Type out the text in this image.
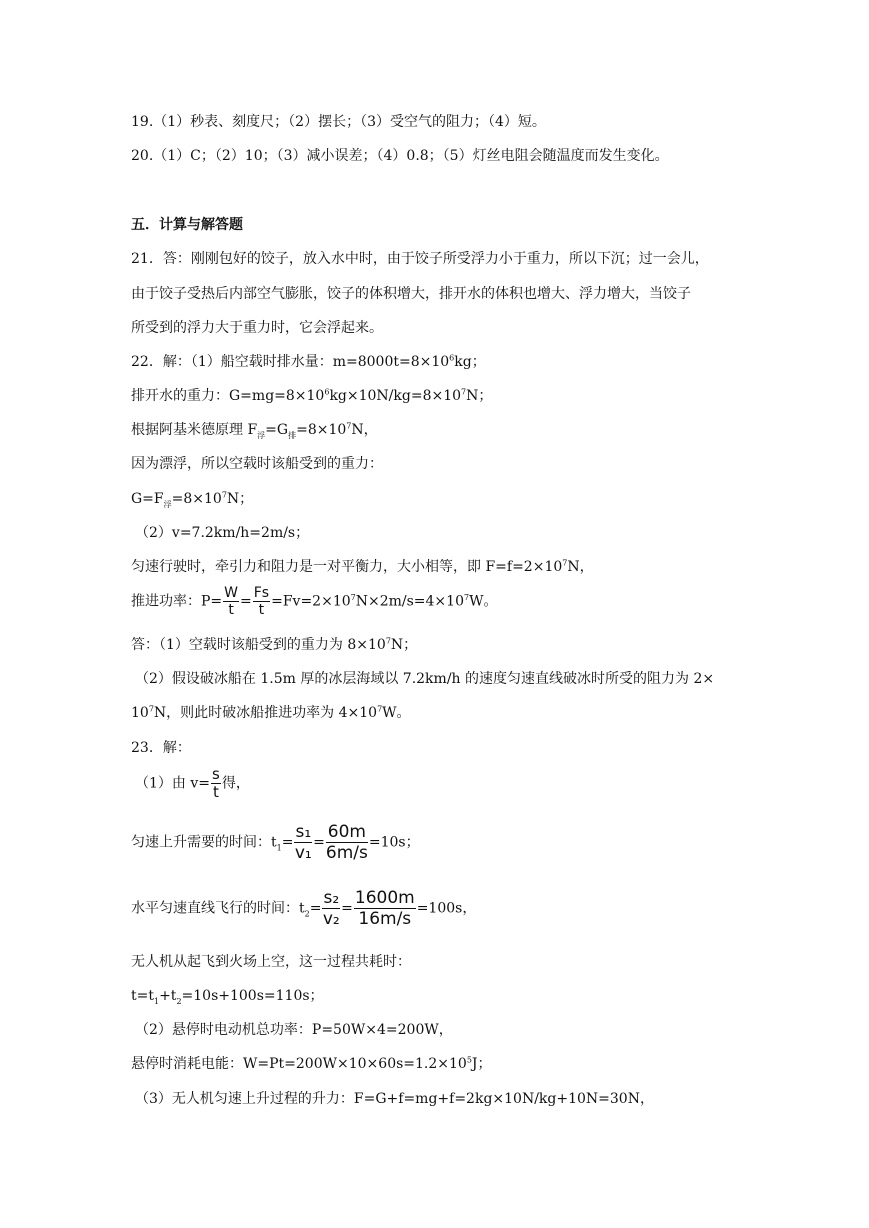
19.（1）秒表、刻度尺；（2）摆长；（3）受空气的阻力；（4）短。
20.（1）C；（2）10；（3）减小误差；（4）0.8；（5）灯丝电阻会随温度而发生变化。
五．计算与解答题
21．答：刚刚包好的饺子，放入水中时，由于饺子所受浮力小于重力，所以下沉；过一会儿，
由于饺子受热后内部空气膨胀，饺子的体积增大，排开水的体积也增大、浮力增大，当饺子
所受到的浮力大于重力时，它会浮起来。
22．解：（1）船空载时排水量：$m=8000t=8\times 10^6kg$；
排开水的重力：$G=mg=8\times 10^6kg\times 10N/kg=8\times 10^7N$；
根据阿基米德原理 $F_浮=G_排=8\times 10^7N$，
因为漂浮，所以空载时该船受到的重力：
$G=F_浮=8\times 10^7N$；
（2）v=7.2km/h=2m/s；
匀速行驶时，牵引力和阻力是一对平衡力，大小相等，即 $F=f=2\times 10^7N$，
推进功率：$P= \frac{W}{t} = \frac{Fs}{t} =Fv=2\times 10^7N\times 2m/s=4\times 10^7W$。
答：（1）空载时该船受到的重力为 $8\times 10^7N$；
（2）假设破冰船在 1.5m 厚的冰层海域以 7.2km/h 的速度匀速直线破冰时所受的阻力为 2×
$10^7N$，则此时破冰船推进功率为 $4\times 10^7W$。
23．解：
（1）由 $v= \frac{s}{t}$ 得，
匀速上升需要的时间：$t_1= \frac{\text{s₁}}{\text{v₁}} = \frac{60m}{6m/s} =10s$；
水平匀速直线飞行的时间：$t_2= \frac{\text{s₂}}{\text{v₂}} = \frac{1600m}{16m/s} =100s$，
无人机从起飞到火场上空，这一过程共耗时：
$t=t_1+t_2=10s+100s=110s$；
（2）悬停时电动机总功率：P=50W×4=200W，
悬停时消耗电能：$W=Pt=200W\times 10\times 60s=1.2\times 10^5J$；
（3）无人机匀速上升过程的升力：F=G+f=mg+f=2kg×10N/kg+10N=30N，
